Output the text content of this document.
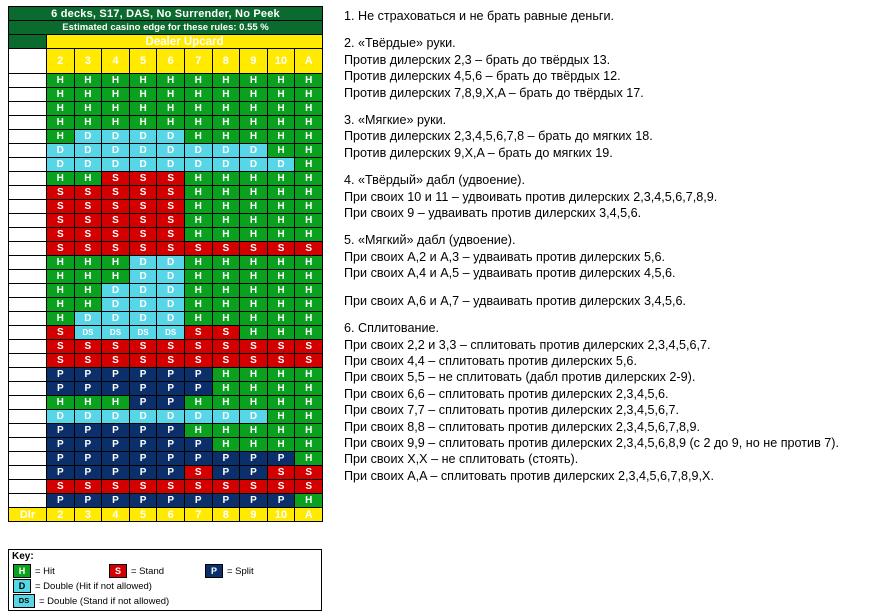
6 decks, S17, DAS, No Surrender, No Peek										
Estimated casino edge for these rules: 0.55 %										
	Dealer Upcard									
Your
Hand	2	3	4	5	6	7	8	9	10	A
5	H	H	H	H	H	H	H	H	H	H
6	H	H	H	H	H	H	H	H	H	H
7	H	H	H	H	H	H	H	H	H	H
8	H	H	H	H	H	H	H	H	H	H
9	H	D	D	D	D	H	H	H	H	H
10	D	D	D	D	D	D	D	D	H	H
11	D	D	D	D	D	D	D	D	D	H
12	H	H	S	S	S	H	H	H	H	H
13	S	S	S	S	S	H	H	H	H	H
14	S	S	S	S	S	H	H	H	H	H
15	S	S	S	S	S	H	H	H	H	H
16	S	S	S	S	S	H	H	H	H	H
17	S	S	S	S	S	S	S	S	S	S
A,2	H	H	H	D	D	H	H	H	H	H
A,3	H	H	H	D	D	H	H	H	H	H
A,4	H	H	D	D	D	H	H	H	H	H
A,5	H	H	D	D	D	H	H	H	H	H
A,6	H	D	D	D	D	H	H	H	H	H
A,7	S	DS	DS	DS	DS	S	S	H	H	H
A,8	S	S	S	S	S	S	S	S	S	S
A,9	S	S	S	S	S	S	S	S	S	S
2,2	P	P	P	P	P	P	H	H	H	H
3,3	P	P	P	P	P	P	H	H	H	H
4,4	H	H	H	P	P	H	H	H	H	H
5,5	D	D	D	D	D	D	D	D	H	H
6,6	P	P	P	P	P	H	H	H	H	H
7,7	P	P	P	P	P	P	H	H	H	H
8,8	P	P	P	P	P	P	P	P	P	H
9,9	P	P	P	P	P	S	P	P	S	S
T,T	S	S	S	S	S	S	S	S	S	S
A,A	P	P	P	P	P	P	P	P	P	H
Dlr	2	3	4	5	6	7	8	9	10	A
Key:
H	= Hit	S	= Stand	P	= Split
D	= Double (Hit if not allowed)
DS	= Double (Stand if not allowed)

1. Не страховаться и не брать равные деньги.

2. «Твёрдые» руки.

Против дилерских 2,3 – брать до твёрдых 13.

Против дилерских 4,5,6 – брать до твёрдых 12.

Против дилерских 7,8,9,X,A – брать до твёрдых 17.

3. «Мягкие» руки.

Против дилерских 2,3,4,5,6,7,8 – брать до мягких 18.

Против дилерских 9,X,A – брать до мягких 19.

4. «Твёрдый» дабл (удвоение).

При своих 10 и 11 – удвоивать против дилерских 2,3,4,5,6,7,8,9.

При своих 9 – удваивать против дилерских 3,4,5,6.

5. «Мягкий» дабл (удвоение).

При своих A,2 и A,3 – удваивать против дилерских 5,6.

При своих A,4 и A,5 – удваивать против дилерских 4,5,6.

При своих A,6 и A,7 – удваивать против дилерских 3,4,5,6.

6. Сплитование.

При своих 2,2 и 3,3 – сплитовать против дилерских 2,3,4,5,6,7.

При своих 4,4 – сплитовать против дилерских 5,6.

При своих 5,5 – не сплитовать (дабл против дилерских 2-9).

При своих 6,6 – сплитовать против дилерских 2,3,4,5,6.

При своих 7,7 – сплитовать против дилерских 2,3,4,5,6,7.

При своих 8,8 – сплитовать против дилерских 2,3,4,5,6,7,8,9.

При своих 9,9 – сплитовать против дилерских 2,3,4,5,6,8,9 (с 2 до 9, но не против 7).

При своих X,X – не сплитовать (стоять).

При своих A,A – сплитовать против дилерских 2,3,4,5,6,7,8,9,X.
